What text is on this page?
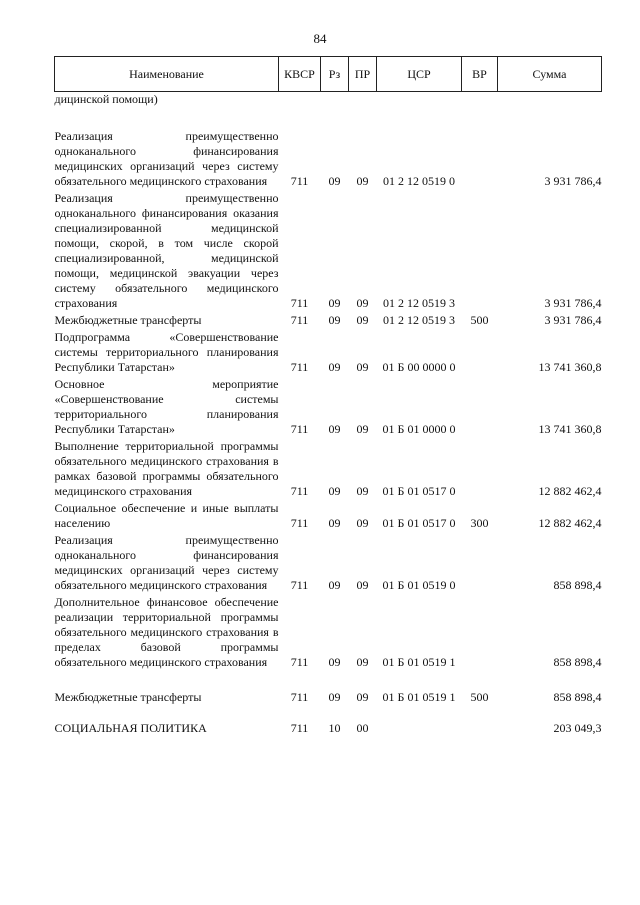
84
Наименование	КВСР	Рз	ПР	ЦСР	ВР	Сумма
дицинской помощи)						

Реализация преимущественно одноканального финансирования медицинских организаций через систему обязательного медицинского страхования	711	09	09	01 2 12 0519 0		3 931 786,4

Реализация преимущественно одноканального финансирования оказания специализированной медицинской помощи, скорой, в том числе скорой специализированной, медицинской помощи, медицинской эвакуации через систему обязательного медицинского страхования	711	09	09	01 2 12 0519 3		3 931 786,4

Межбюджетные трансферты	711	09	09	01 2 12 0519 3	500	3 931 786,4

Подпрограмма «Совершенствование системы территориального планирования Республики Татарстан»	711	09	09	01 Б 00 0000 0		13 741 360,8

Основное мероприятие «Совершенствование системы территориального планирования Республики Татарстан»	711	09	09	01 Б 01 0000 0		13 741 360,8

Выполнение территориальной программы обязательного медицинского страхования в рамках базовой программы обязательного медицинского страхования	711	09	09	01 Б 01 0517 0		12 882 462,4

Социальное обеспечение и иные выплаты населению	711	09	09	01 Б 01 0517 0	300	12 882 462,4

Реализация преимущественно одноканального финансирования медицинских организаций через систему обязательного медицинского страхования	711	09	09	01 Б 01 0519 0		858 898,4

Дополнительное финансовое обеспечение реализации территориальной программы обязательного медицинского страхования в пределах базовой программы обязательного медицинского страхования	711	09	09	01 Б 01 0519 1		858 898,4

Межбюджетные трансферты	711	09	09	01 Б 01 0519 1	500	858 898,4

СОЦИАЛЬНАЯ ПОЛИТИКА	711	10	00			203 049,3
